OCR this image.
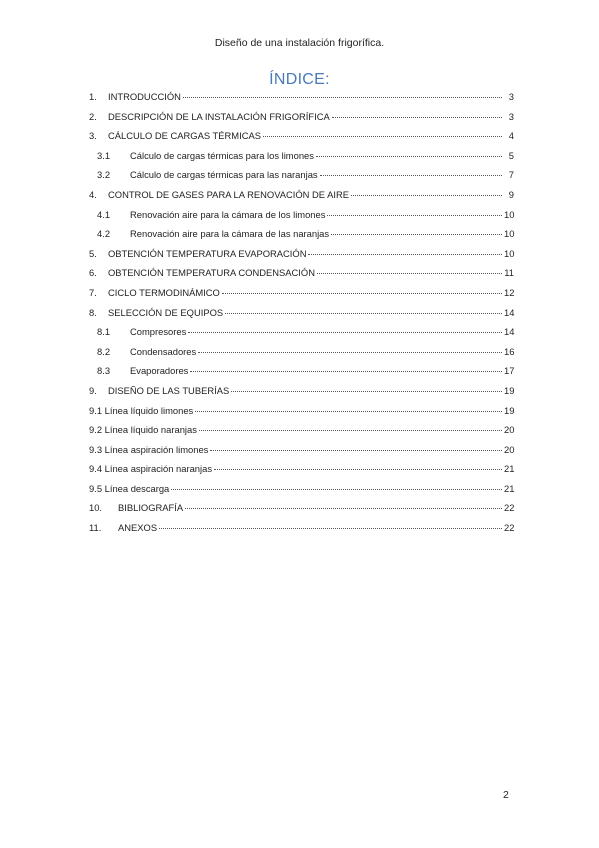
Diseño de una instalación frigorífica.
ÍNDICE:
1.	INTRODUCCIÓN	3
2.	DESCRIPCIÓN DE LA INSTALACIÓN FRIGORÍFICA	3
3.	CÁLCULO DE CARGAS TÉRMICAS	4
3.1	Cálculo de cargas térmicas para los limones	5
3.2	Cálculo de cargas térmicas para las naranjas	7
4.	CONTROL DE GASES PARA LA RENOVACIÓN DE AIRE	9
4.1	Renovación aire para la cámara de los limones	10
4.2	Renovación aire para la cámara de las naranjas	10
5.	OBTENCIÓN TEMPERATURA EVAPORACIÓN	10
6.	OBTENCIÓN TEMPERATURA CONDENSACIÓN	11
7.	CICLO TERMODINÁMICO	12
8.	SELECCIÓN DE EQUIPOS	14
8.1	Compresores	14
8.2	Condensadores	16
8.3	Evaporadores	17
9.	DISEÑO DE LAS TUBERÍAS	19
9.1 Línea líquido limones	19
9.2 Línea líquido naranjas	20
9.3 Línea aspiración limones	20
9.4 Línea aspiración naranjas	21
9.5 Línea descarga	21
10.	BIBLIOGRAFÍA	22
11.	ANEXOS	22
2
